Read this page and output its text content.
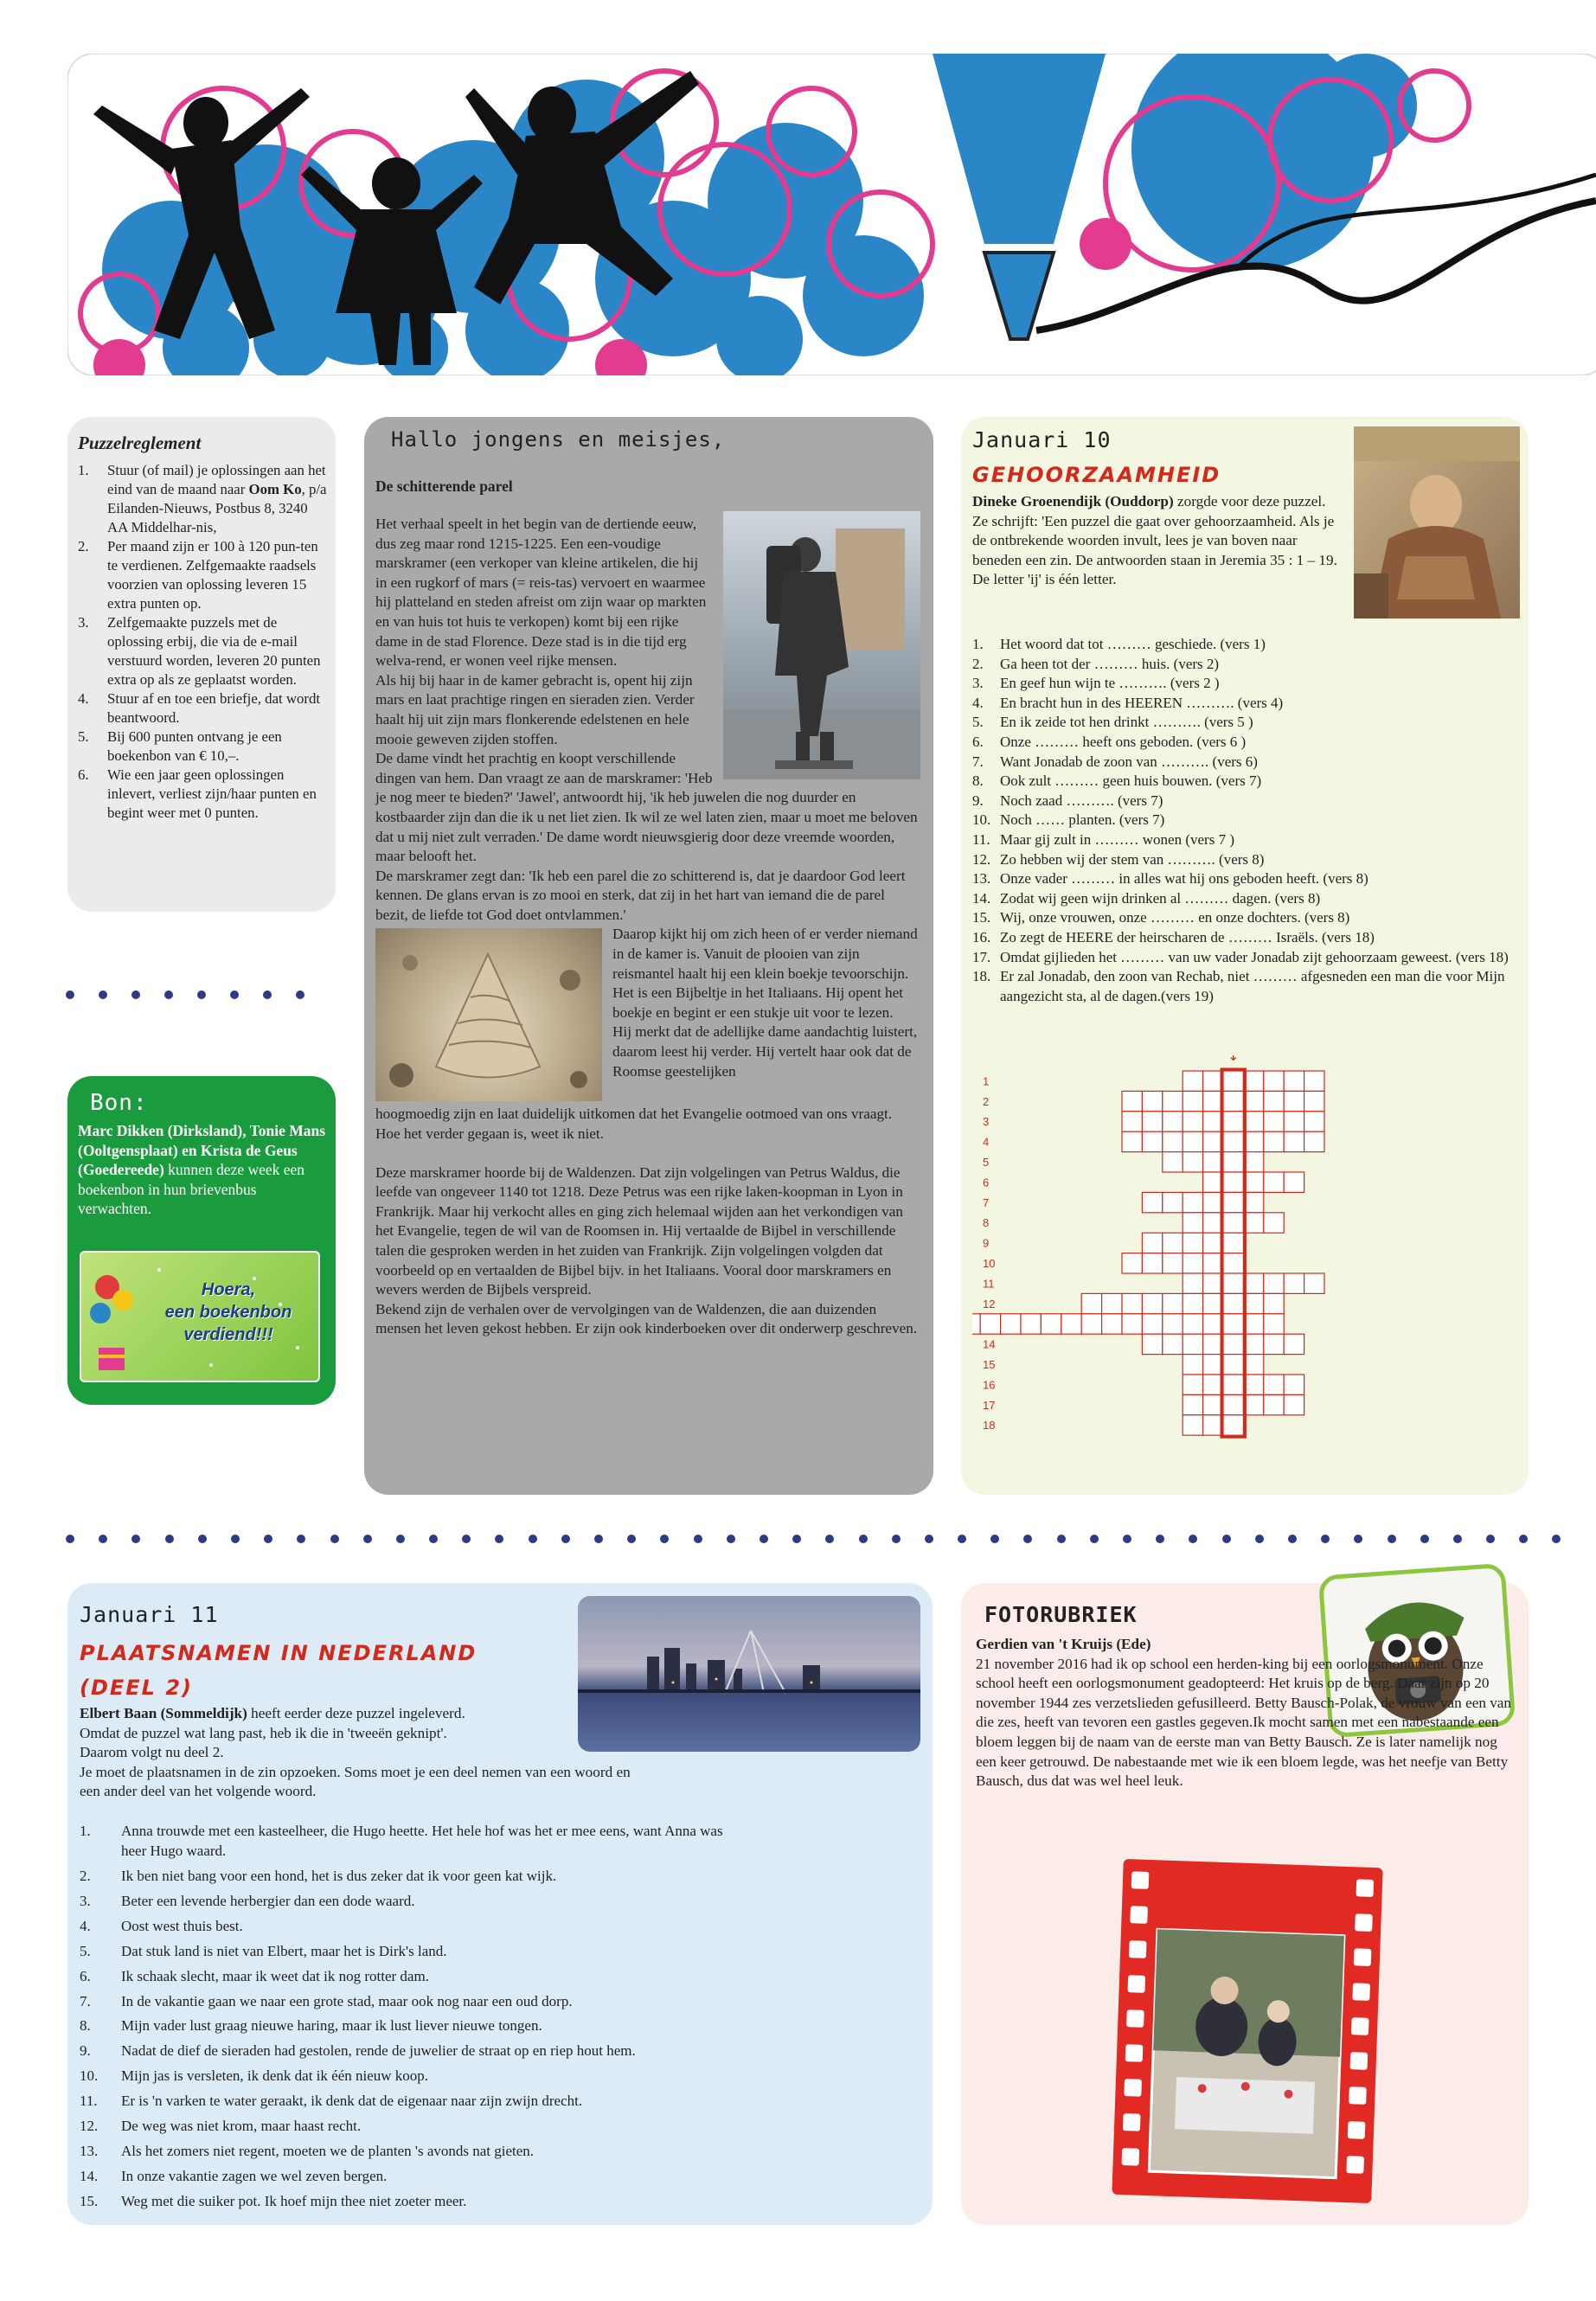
Puzzelreglement
1. Stuur (of mail) je oplossingen aan het eind van de maand naar Oom Ko, p/a Eilanden-Nieuws, Postbus 8, 3240 AA Middelhar-nis,
2. Per maand zijn er 100 à 120 pun-ten te verdienen. Zelfgemaakte raadsels voorzien van oplossing leveren 15 extra punten op.
3. Zelfgemaakte puzzels met de oplossing erbij, die via de e-mail verstuurd worden, leveren 20 punten extra op als ze geplaatst worden.
4. Stuur af en toe een briefje, dat wordt beantwoord.
5. Bij 600 punten ontvang je een boekenbon van € 10,–.
6. Wie een jaar geen oplossingen inlevert, verliest zijn/haar punten en begint weer met 0 punten.
Bon:
Marc Dikken (Dirksland), Tonie Mans (Ooltgensplaat) en Krista de Geus (Goedereede) kunnen deze week een boekenbon in hun brievenbus verwachten.
Hoera,
een boekenbon
verdiend!!!
Hallo jongens en meisjes,
De schitterende parel
Het verhaal speelt in het begin van de dertiende eeuw, dus zeg maar rond 1215-1225. Een een-voudige marskramer (een verkoper van kleine artikelen, die hij in een rugkorf of mars (= reis-tas) vervoert en waarmee hij platteland en steden afreist om zijn waar op markten en van huis tot huis te verkopen) komt bij een rijke dame in de stad Florence. Deze stad is in die tijd erg welva-rend, er wonen veel rijke mensen.
Als hij bij haar in de kamer gebracht is, opent hij zijn mars en laat prachtige ringen en sieraden zien. Verder haalt hij uit zijn mars flonkerende edelstenen en hele mooie geweven zijden stoffen.
De dame vindt het prachtig en koopt verschillende dingen van hem. Dan vraagt ze aan de marskramer: 'Heb je nog meer te bieden?' 'Jawel', antwoordt hij, 'ik heb juwelen die nog duurder en kostbaarder zijn dan die ik u net liet zien. Ik wil ze wel laten zien, maar u moet me beloven dat u mij niet zult verraden.' De dame wordt nieuwsgierig door deze vreemde woorden, maar belooft het.
De marskramer zegt dan: 'Ik heb een parel die zo schitterend is, dat je daardoor God leert kennen. De glans ervan is zo mooi en sterk, dat zij in het hart van iemand die de parel bezit, de liefde tot God doet ontvlammen.'
Daarop kijkt hij om zich heen of er verder niemand in de kamer is. Vanuit de plooien van zijn reismantel haalt hij een klein boekje tevoorschijn. Het is een Bijbeltje in het Italiaans. Hij opent het boekje en begint er een stukje uit voor te lezen.
Hij merkt dat de adellijke dame aandachtig luistert, daarom leest hij verder. Hij vertelt haar ook dat de Roomse geestelijken
hoogmoedig zijn en laat duidelijk uitkomen dat het Evangelie ootmoed van ons vraagt.
Hoe het verder gegaan is, weet ik niet.
Deze marskramer hoorde bij de Waldenzen. Dat zijn volgelingen van Petrus Waldus, die leefde van ongeveer 1140 tot 1218. Deze Petrus was een rijke laken-koopman in Lyon in Frankrijk. Maar hij verkocht alles en ging zich helemaal wijden aan het verkondigen van het Evangelie, tegen de wil van de Roomsen in. Hij vertaalde de Bijbel in verschillende talen die gesproken werden in het zuiden van Frankrijk. Zijn volgelingen volgden dat voorbeeld op en vertaalden de Bijbel bijv. in het Italiaans. Vooral door marskramers en wevers werden de Bijbels verspreid.
Bekend zijn de verhalen over de vervolgingen van de Waldenzen, die aan duizenden mensen het leven gekost hebben. Er zijn ook kinderboeken over dit onderwerp geschreven.
Januari 10
GEHOORZAAMHEID
Dineke Groenendijk (Ouddorp) zorgde voor deze puzzel. Ze schrijft: 'Een puzzel die gaat over gehoorzaamheid. Als je de ontbrekende woorden invult, lees je van boven naar beneden een zin. De antwoorden staan in Jeremia 35 : 1 – 19.
De letter 'ij' is één letter.
1. Het woord dat tot ……… geschiede. (vers 1)
2. Ga heen tot der ……… huis. (vers 2)
3. En geef hun wijn te ………. (vers 2 )
4. En bracht hun in des HEEREN ………. (vers 4)
5. En ik zeide tot hen drinkt ………. (vers 5 )
6. Onze ……… heeft ons geboden. (vers 6 )
7. Want Jonadab de zoon van ………. (vers 6)
8. Ook zult ……… geen huis bouwen. (vers 7)
9. Noch zaad ………. (vers 7)
10. Noch …… planten. (vers 7)
11. Maar gij zult in ……… wonen (vers 7 )
12. Zo hebben wij der stem van ………. (vers 8)
13. Onze vader ……… in alles wat hij ons geboden heeft. (vers 8)
14. Zodat wij geen wijn drinken al ……… dagen. (vers 8)
15. Wij, onze vrouwen, onze ……… en onze dochters. (vers 8)
16. Zo zegt de HEERE der heirscharen de ……… Israëls. (vers 18)
17. Omdat gijlieden het ……… van uw vader Jonadab zijt gehoorzaam geweest. (vers 18)
18. Er zal Jonadab, den zoon van Rechab, niet ……… afgesneden een man die voor Mijn aangezicht sta, al de dagen.(vers 19)
↓
1
2
3
4
5
6
7
8
9
10
11
12
14
15
16
17
18
Januari 11
PLAATSNAMEN IN NEDERLAND
(DEEL 2)
Elbert Baan (Sommeldijk) heeft eerder deze puzzel ingeleverd.
Omdat de puzzel wat lang past, heb ik die in 'tweeën geknipt'.
Daarom volgt nu deel 2.
Je moet de plaatsnamen in de zin opzoeken. Soms moet je een deel nemen van een woord en een ander deel van het volgende woord.
1. Anna trouwde met een kasteelheer, die Hugo heette. Het hele hof was het er mee eens, want Anna was heer Hugo waard.
2. Ik ben niet bang voor een hond, het is dus zeker dat ik voor geen kat wijk.
3. Beter een levende herbergier dan een dode waard.
4. Oost west thuis best.
5. Dat stuk land is niet van Elbert, maar het is Dirk's land.
6. Ik schaak slecht, maar ik weet dat ik nog rotter dam.
7. In de vakantie gaan we naar een grote stad, maar ook nog naar een oud dorp.
8. Mijn vader lust graag nieuwe haring, maar ik lust liever nieuwe tongen.
9. Nadat de dief de sieraden had gestolen, rende de juwelier de straat op en riep hout hem.
10. Mijn jas is versleten, ik denk dat ik één nieuw koop.
11. Er is 'n varken te water geraakt, ik denk dat de eigenaar naar zijn zwijn drecht.
12. De weg was niet krom, maar haast recht.
13. Als het zomers niet regent, moeten we de planten 's avonds nat gieten.
14. In onze vakantie zagen we wel zeven bergen.
15. Weg met die suiker pot. Ik hoef mijn thee niet zoeter meer.
FOTORUBRIEK
Gerdien van 't Kruijs (Ede)
21 november 2016 had ik op school een herden-king bij een oorlogsmonument. Onze school heeft een oorlogsmonument geadopteerd: Het kruis op de berg. Daar zijn op 20 november 1944 zes verzetslieden gefusilleerd. Betty Bausch-Polak, de vrouw van een van die zes, heeft van tevoren een gastles gegeven.Ik mocht samen met een nabestaande een bloem leggen bij de naam van de eerste man van Betty Bausch. Ze is later namelijk nog een keer getrouwd. De nabestaande met wie ik een bloem legde, was het neefje van Betty Bausch, dus dat was wel heel leuk.
